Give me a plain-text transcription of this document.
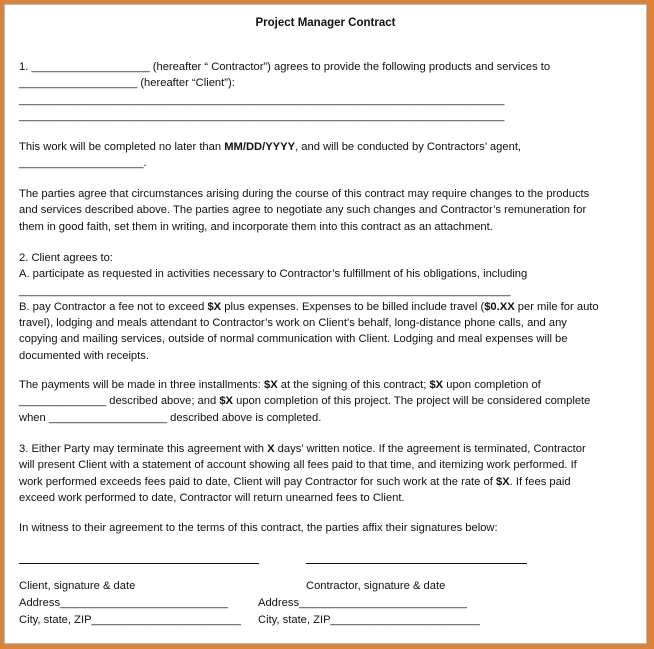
Project Manager Contract
1. ___________________ (hereafter “ Contractor”) agrees to provide the following products and services to
___________________ (hereafter “Client”):
______________________________________________________________________________
______________________________________________________________________________
This work will be completed no later than MM/DD/YYYY, and will be conducted by Contractors’ agent,
____________________.
The parties agree that circumstances arising during the course of this contract may require changes to the products
and services described above. The parties agree to negotiate any such changes and Contractor’s remuneration for
them in good faith, set them in writing, and incorporate them into this contract as an attachment.
2. Client agrees to:
A. participate as requested in activities necessary to Contractor’s fulfillment of his obligations, including
_______________________________________________________________________________
B. pay Contractor a fee not to exceed $X plus expenses. Expenses to be billed include travel ($0.XX per mile for auto
travel), lodging and meals attendant to Contractor’s work on Client’s behalf, long-distance phone calls, and any
copying and mailing services, outside of normal communication with Client. Lodging and meal expenses will be
documented with receipts.
The payments will be made in three installments: $X at the signing of this contract; $X upon completion of
______________ described above; and $X upon completion of this project. The project will be considered complete
when ___________________ described above is completed.
3. Either Party may terminate this agreement with X days’ written notice. If the agreement is terminated, Contractor
will present Client with a statement of account showing all fees paid to that time, and itemizing work performed. If
work performed exceeds fees paid to date, Client will pay Contractor for such work at the rate of $X. If fees paid
exceed work performed to date, Contractor will return unearned fees to Client.
In witness to their agreement to the terms of this contract, the parties affix their signatures below:
Client, signature & date	Contractor, signature & date
Address___________________________	Address___________________________
City, state, ZIP________________________ City, state, ZIP________________________
